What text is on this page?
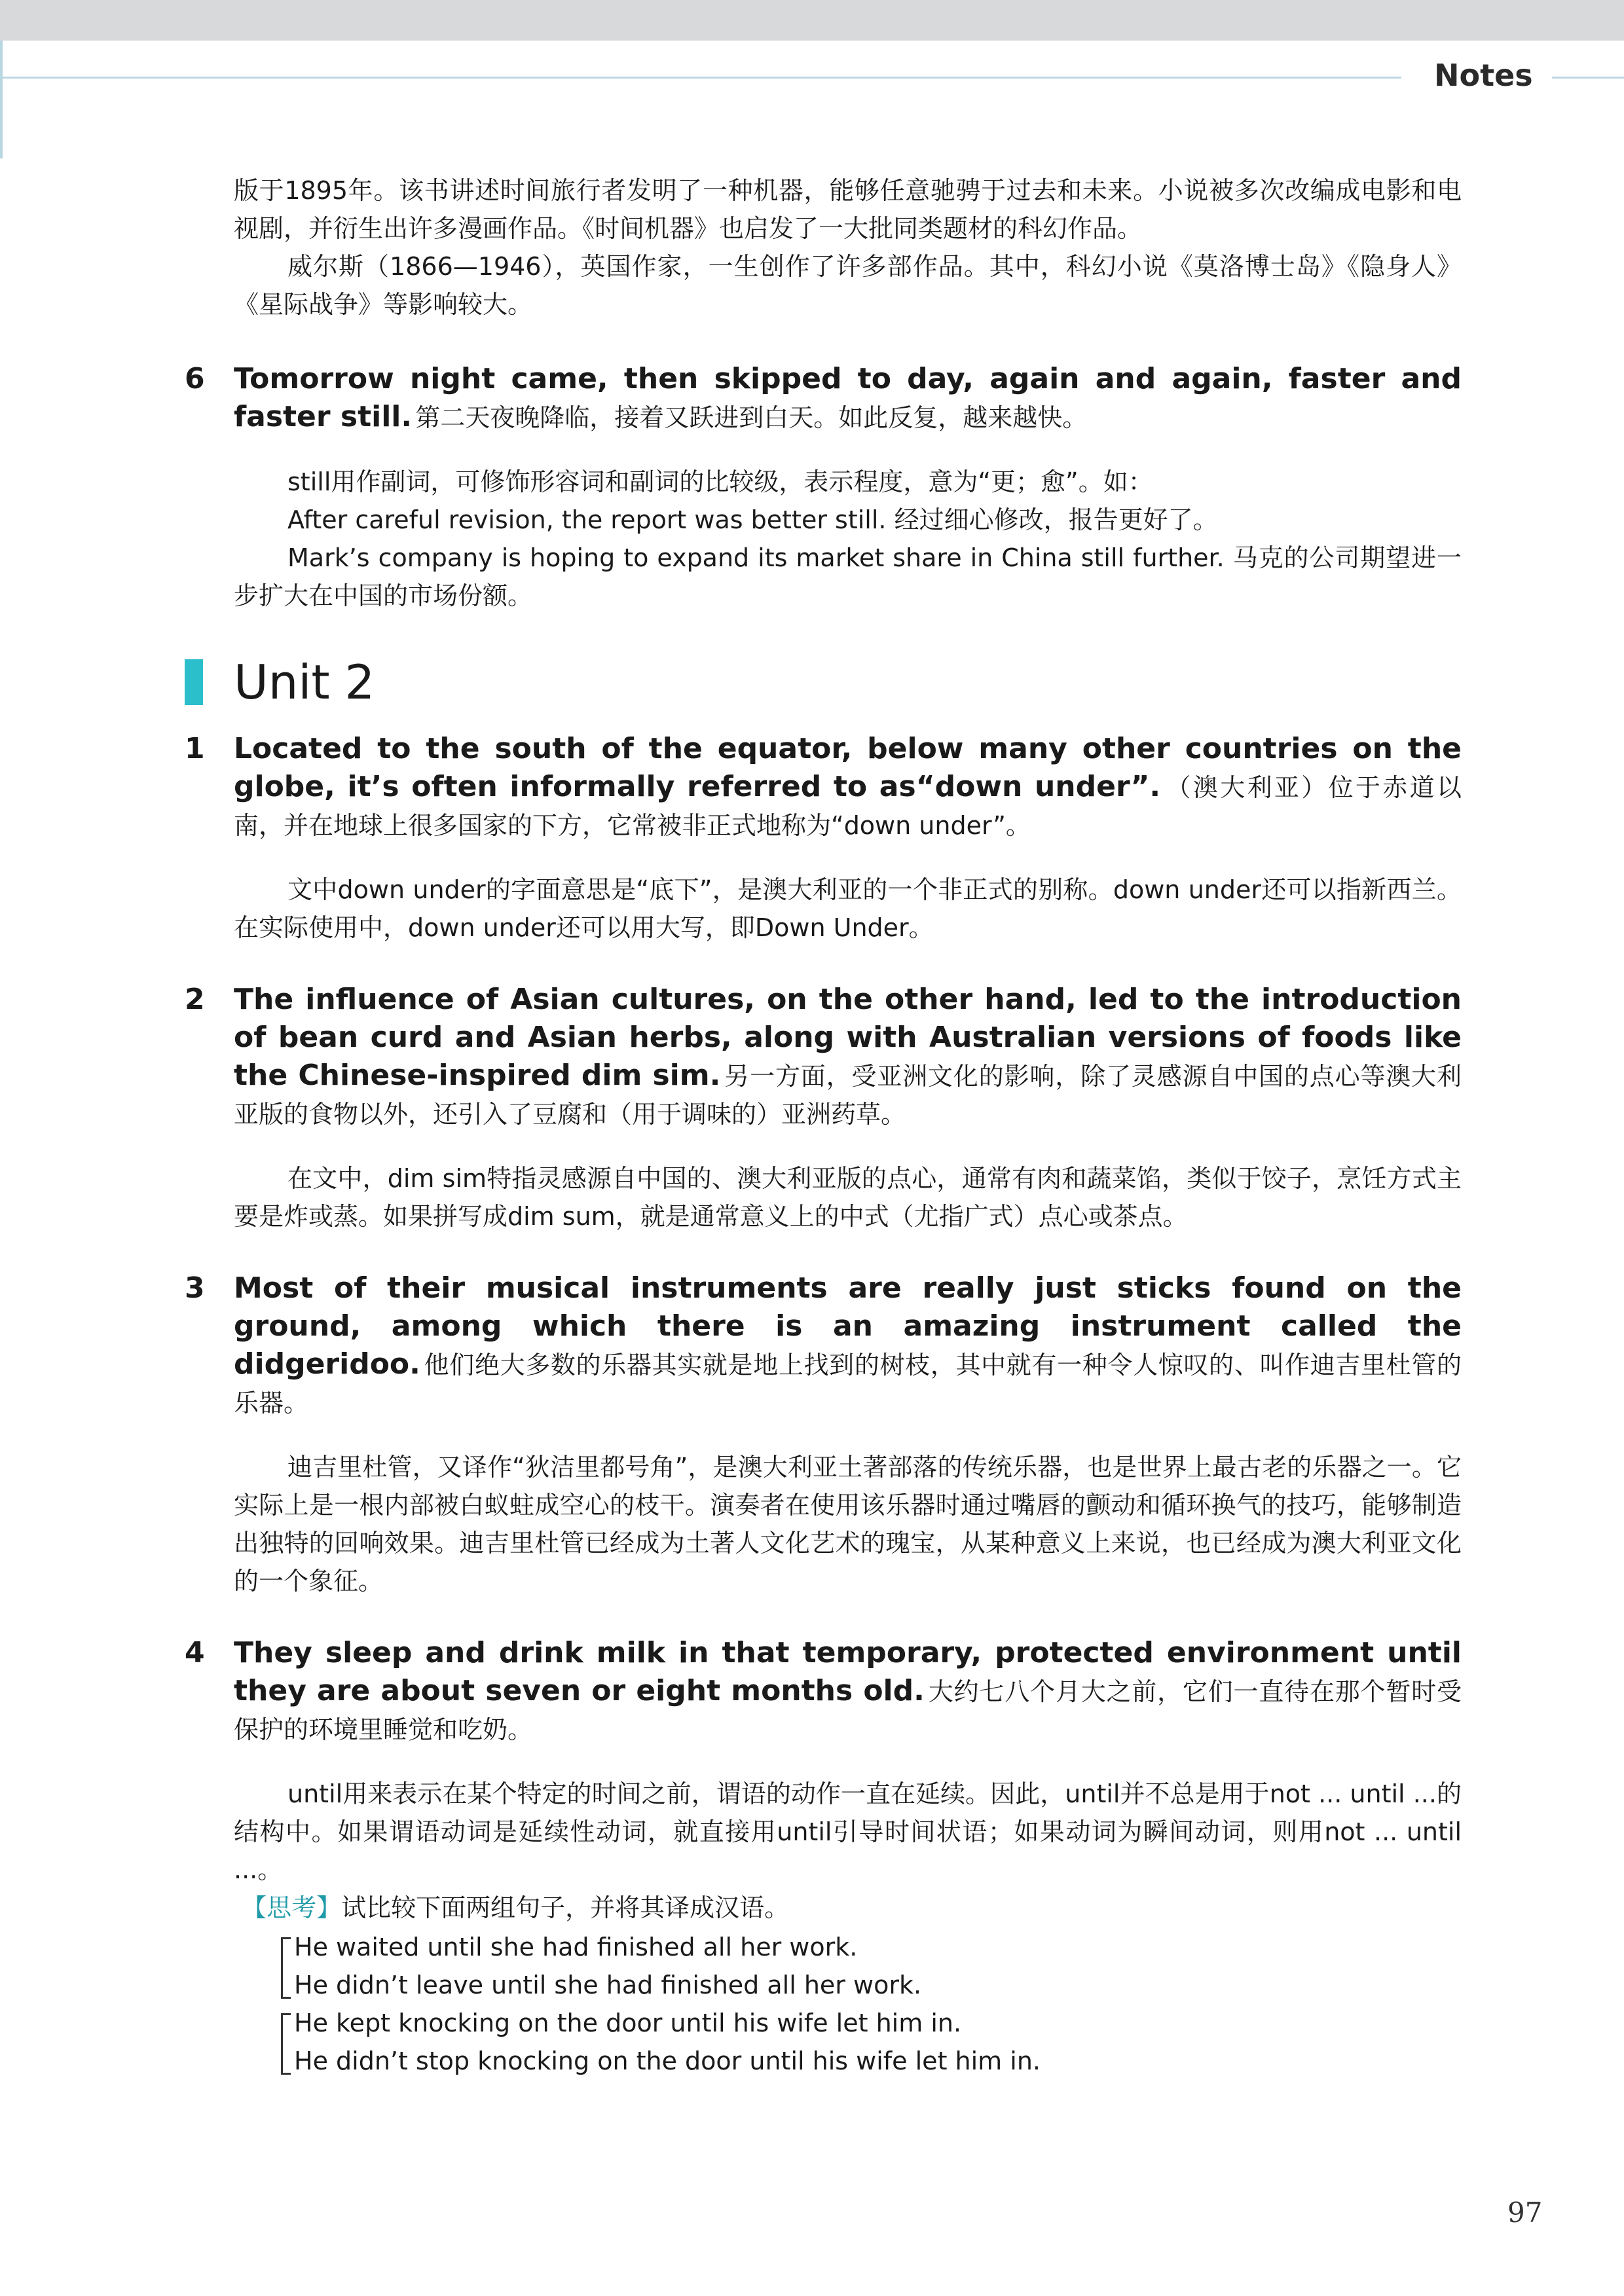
Notes

版于1895年。该书讲述时间旅行者发明了一种机器，能够任意驰骋于过去和未来。小说被多次改编成电影和电视剧，并衍生出许多漫画作品。《时间机器》也启发了一大批同类题材的科幻作品。

威尔斯（1866—1946），英国作家，一生创作了许多部作品。其中，科幻小说《莫洛博士岛》《隐身人》《星际战争》等影响较大。

6 Tomorrow night came, then skipped to day, again and again, faster and faster still. 第二天夜晚降临，接着又跃进到白天。如此反复，越来越快。

still用作副词，可修饰形容词和副词的比较级，表示程度，意为“更；愈”。如：

After careful revision, the report was better still. 经过细心修改，报告更好了。

Mark’s company is hoping to expand its market share in China still further. 马克的公司期望进一步扩大在中国的市场份额。

Unit 2
1 Located to the south of the equator, below many other countries on the globe, it’s often informally referred to as“down under”. （澳大利亚）位于赤道以南，并在地球上很多国家的下方，它常被非正式地称为“down under”。

文中down under的字面意思是“底下”，是澳大利亚的一个非正式的别称。down under还可以指新西兰。在实际使用中，down under还可以用大写，即Down Under。

2 The influence of Asian cultures, on the other hand, led to the introduction of bean curd and Asian herbs, along with Australian versions of foods like the Chinese-inspired dim sim. 另一方面，受亚洲文化的影响，除了灵感源自中国的点心等澳大利亚版的食物以外，还引入了豆腐和（用于调味的）亚洲药草。

在文中，dim sim特指灵感源自中国的、澳大利亚版的点心，通常有肉和蔬菜馅，类似于饺子，烹饪方式主要是炸或蒸。如果拼写成dim sum，就是通常意义上的中式（尤指广式）点心或茶点。

3 Most of their musical instruments are really just sticks found on the ground, among which there is an amazing instrument called the didgeridoo. 他们绝大多数的乐器其实就是地上找到的树枝，其中就有一种令人惊叹的、叫作迪吉里杜管的乐器。

迪吉里杜管，又译作“狄洁里都号角”，是澳大利亚土著部落的传统乐器，也是世界上最古老的乐器之一。它实际上是一根内部被白蚁蛀成空心的枝干。演奏者在使用该乐器时通过嘴唇的颤动和循环换气的技巧，能够制造出独特的回响效果。迪吉里杜管已经成为土著人文化艺术的瑰宝，从某种意义上来说，也已经成为澳大利亚文化的一个象征。

4 They sleep and drink milk in that temporary, protected environment until they are about seven or eight months old. 大约七八个月大之前，它们一直待在那个暂时受保护的环境里睡觉和吃奶。

until用来表示在某个特定的时间之前，谓语的动作一直在延续。因此，until并不总是用于not ... until ...的结构中。如果谓语动词是延续性动词，就直接用until引导时间状语；如果动词为瞬间动词，则用not ... until ...。

【思考】试比较下面两组句子，并将其译成汉语。

He waited until she had finished all her work.

He didn’t leave until she had finished all her work.

He kept knocking on the door until his wife let him in.

He didn’t stop knocking on the door until his wife let him in.

97
